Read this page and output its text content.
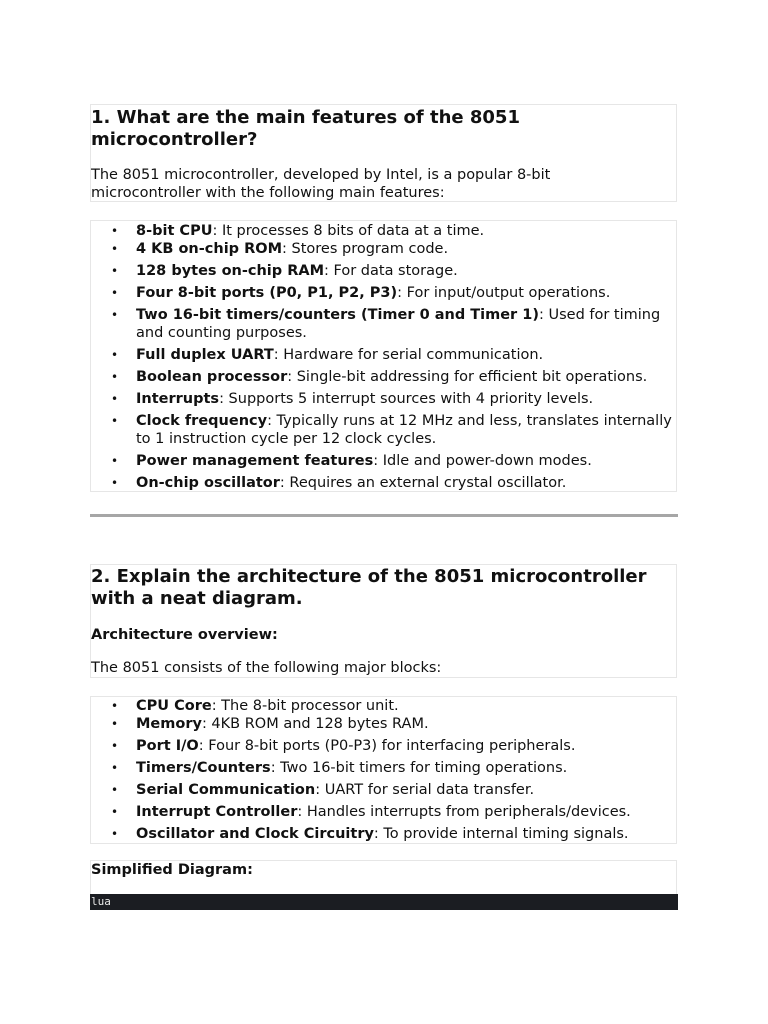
1. What are the main features of the 8051 microcontroller?

The 8051 microcontroller, developed by Intel, is a popular 8-bit microcontroller with the following main features:

• 8-bit CPU: It processes 8 bits of data at a time.
• 4 KB on-chip ROM: Stores program code.
• 128 bytes on-chip RAM: For data storage.
• Four 8-bit ports (P0, P1, P2, P3): For input/output operations.
• Two 16-bit timers/counters (Timer 0 and Timer 1): Used for timing and counting purposes.
• Full duplex UART: Hardware for serial communication.
• Boolean processor: Single-bit addressing for efficient bit operations.
• Interrupts: Supports 5 interrupt sources with 4 priority levels.
• Clock frequency: Typically runs at 12 MHz and less, translates internally to 1 instruction cycle per 12 clock cycles.
• Power management features: Idle and power-down modes.
• On-chip oscillator: Requires an external crystal oscillator.
2. Explain the architecture of the 8051 microcontroller with a neat diagram.

Architecture overview:

The 8051 consists of the following major blocks:

• CPU Core: The 8-bit processor unit.
• Memory: 4KB ROM and 128 bytes RAM.
• Port I/O: Four 8-bit ports (P0-P3) for interfacing peripherals.
• Timers/Counters: Two 16-bit timers for timing operations.
• Serial Communication: UART for serial data transfer.
• Interrupt Controller: Handles interrupts from peripherals/devices.
• Oscillator and Clock Circuitry: To provide internal timing signals.

Simplified Diagram:

lua
